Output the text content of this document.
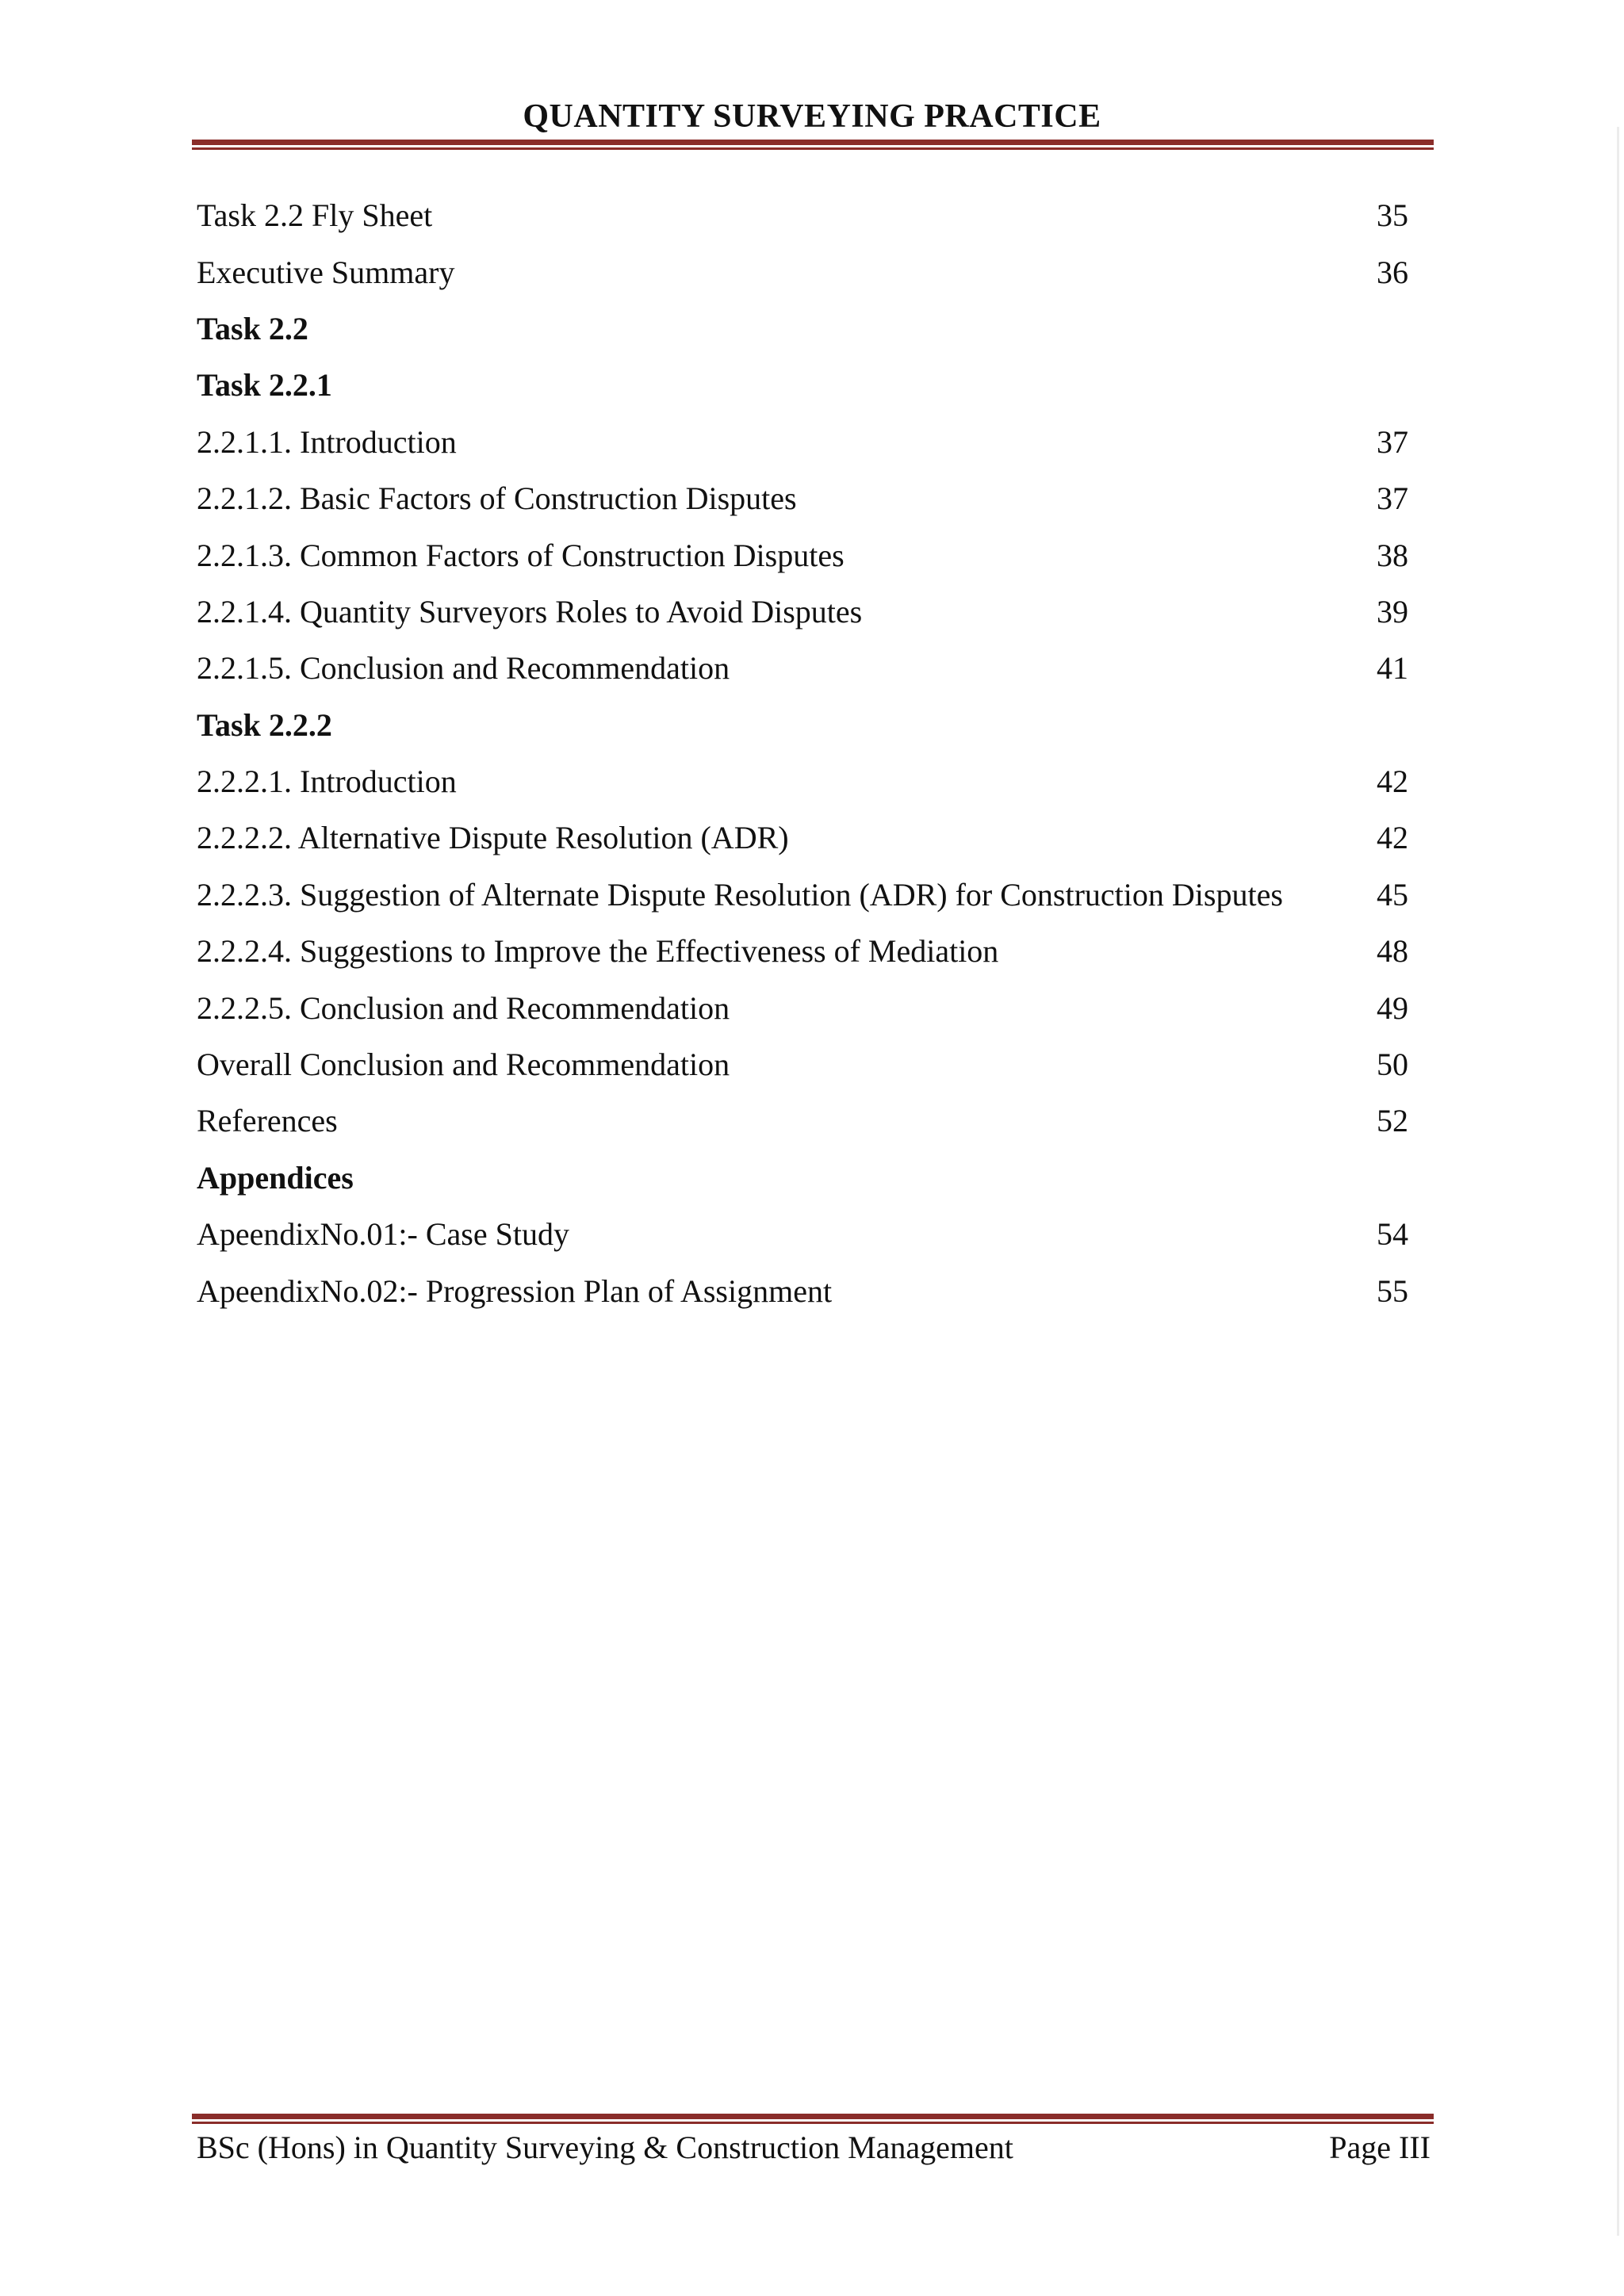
QUANTITY SURVEYING PRACTICE
Task 2.2 Fly Sheet	35
Executive Summary	36
Task 2.2
Task 2.2.1
2.2.1.1. Introduction	37
2.2.1.2. Basic Factors of Construction Disputes	37
2.2.1.3. Common Factors of Construction Disputes	38
2.2.1.4. Quantity Surveyors Roles to Avoid Disputes	39
2.2.1.5. Conclusion and Recommendation	41
Task 2.2.2
2.2.2.1. Introduction	42
2.2.2.2. Alternative Dispute Resolution (ADR)	42
2.2.2.3. Suggestion of Alternate Dispute Resolution (ADR) for Construction Disputes	45
2.2.2.4. Suggestions to Improve the Effectiveness of Mediation	48
2.2.2.5. Conclusion and Recommendation	49
Overall Conclusion and Recommendation	50
References	52
Appendices
ApeendixNo.01:- Case Study	54
ApeendixNo.02:- Progression Plan of Assignment	55
BSc (Hons) in Quantity Surveying & Construction Management	Page III
